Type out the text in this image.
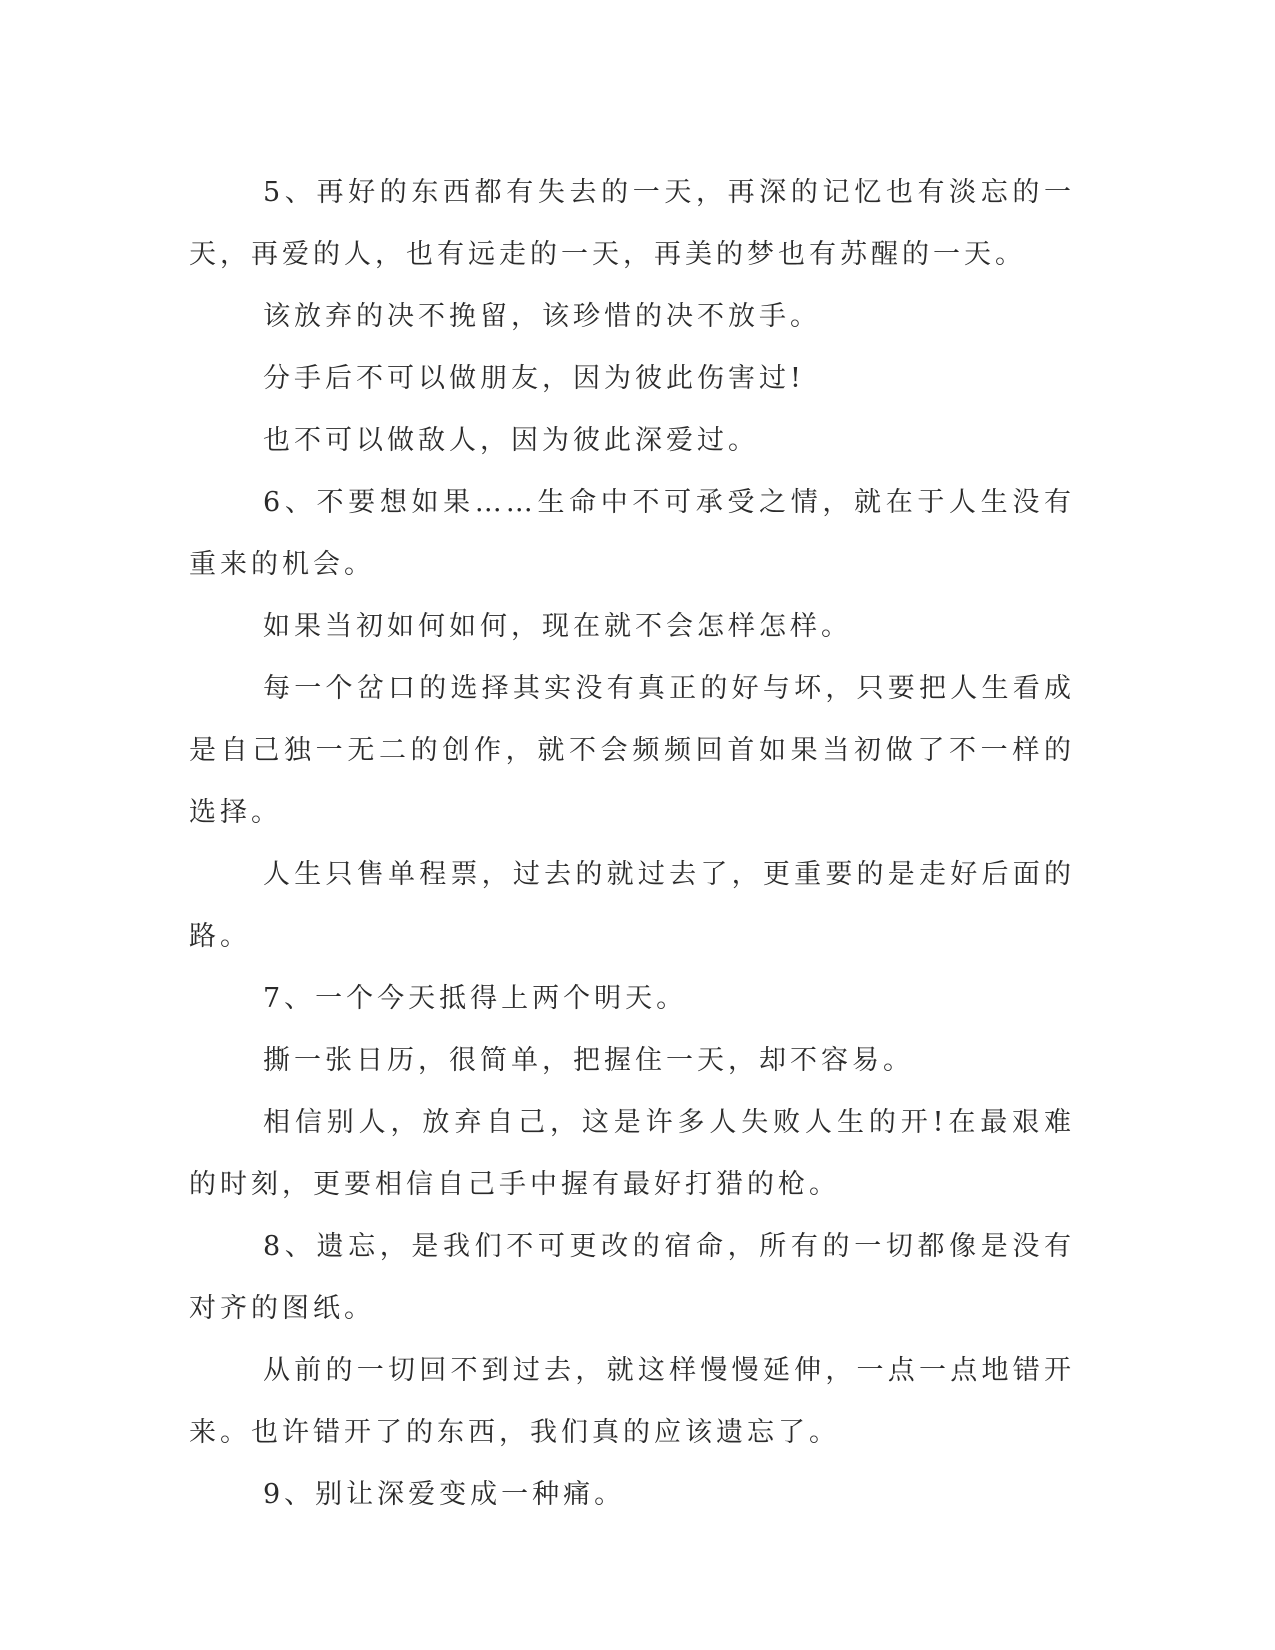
5、再好的东西都有失去的一天，再深的记忆也有淡忘的一天，再爱的人，也有远走的一天，再美的梦也有苏醒的一天。

该放弃的决不挽留，该珍惜的决不放手。

分手后不可以做朋友，因为彼此伤害过!

也不可以做敌人，因为彼此深爱过。

6、不要想如果……生命中不可承受之情，就在于人生没有重来的机会。

如果当初如何如何，现在就不会怎样怎样。

每一个岔口的选择其实没有真正的好与坏，只要把人生看成是自己独一无二的创作，就不会频频回首如果当初做了不一样的选择。

人生只售单程票，过去的就过去了，更重要的是走好后面的路。

7、一个今天抵得上两个明天。

撕一张日历，很简单，把握住一天，却不容易。

相信别人，放弃自己，这是许多人失败人生的开!在最艰难的时刻，更要相信自己手中握有最好打猎的枪。

8、遗忘，是我们不可更改的宿命，所有的一切都像是没有对齐的图纸。

从前的一切回不到过去，就这样慢慢延伸，一点一点地错开来。也许错开了的东西，我们真的应该遗忘了。

9、别让深爱变成一种痛。
